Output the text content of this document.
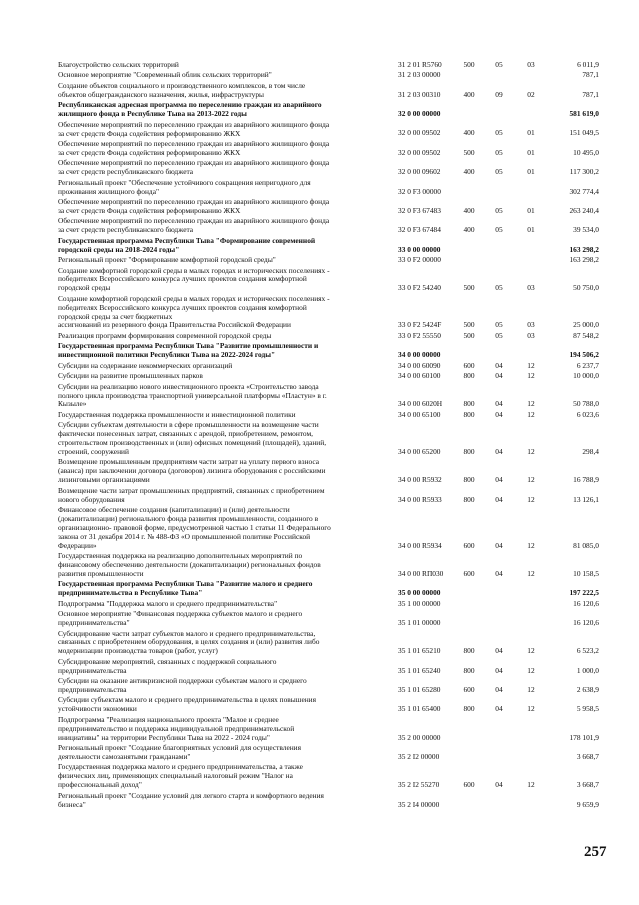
Благоустройство сельских территорий	31 2 01 R5760	500	05	03	6 011,9
Основное мероприятие "Современный облик сельских территорий"	31 2 03 00000	787,1
Создание объектов социального и производственного комплексов, в том числе
объектов общегражданского назначения, жилья, инфраструктуры	31 2 03 00310	400	09	02	787,1
Республиканская адресная программа по переселению граждан из аварийного
жилищного фонда в Республике Тыва на 2013-2022 годы	32 0 00 00000	581 619,0
Обеспечение мероприятий по переселению граждан из аварийного жилищного фонда
за счет средств Фонда содействия реформированию ЖКХ	32 0 00 09502	400	05	01	151 049,5
Обеспечение мероприятий по переселению граждан из аварийного жилищного фонда
за счет средств Фонда содействия реформированию ЖКХ	32 0 00 09502	500	05	01	10 495,0
Обеспечение мероприятий по переселению граждан из аварийного жилищного фонда
за счет средств республиканского бюджета	32 0 00 09602	400	05	01	117 300,2
Региональный проект "Обеспечение устойчивого сокращения непригодного для
проживания жилищного фонда"	32 0 F3 00000	302 774,4
Обеспечение мероприятий по переселению граждан из аварийного жилищного фонда
за счет средств Фонда содействия реформированию ЖКХ	32 0 F3 67483	400	05	01	263 240,4
Обеспечение мероприятий по переселению граждан из аварийного жилищного фонда
за счет средств республиканского бюджета	32 0 F3 67484	400	05	01	39 534,0
Государственная программа Республики Тыва "Формирование современной
городской среды на 2018-2024 годы"	33 0 00 00000	163 298,2
Региональный проект "Формирование комфортной городской среды"	33 0 F2 00000	163 298,2
Создание комфортной городской среды в малых городах и исторических поселениях -
победителях Всероссийского конкурса лучших проектов создания комфортной
городской среды	33 0 F2 54240	500	05	03	50 750,0
Создание комфортной городской среды в малых городах и исторических поселениях -
победителях Всероссийского конкурса лучших проектов создания комфортной
городской среды за счет бюджетных
ассигнований из резервного фонда Правительства Российской Федерации	33 0 F2 5424F	500	05	03	25 000,0
Реализация программ формирования современной городской среды	33 0 F2 55550	500	05	03	87 548,2
Государственная программа Республики Тыва "Развитие промышленности и
инвестиционной политики Республики Тыва на 2022-2024 годы"	34 0 00 00000	194 506,2
Субсидии на содержание некоммерческих организаций	34 0 00 60090	600	04	12	6 237,7
Субсидии на развитие промышленных парков	34 0 00 60100	800	04	12	10 000,0
Субсидии на реализацию нового инвестиционного проекта «Строительство завода
полного цикла производства транспортной универсальной платформы «Пластун» в г.
Кызыле»	34 0 00 6020Н	800	04	12	50 788,0
Государственная поддержка промышленности и инвестиционной политики	34 0 00 65100	800	04	12	6 023,6
Субсидии субъектам деятельности в сфере промышленности на возмещение части
фактически понесенных затрат, связанных с арендой, приобретением, ремонтом,
строительством производственных и (или) офисных помещений (площадей), зданий,
строений, сооружений	34 0 00 65200	800	04	12	298,4
Возмещение промышленным предприятиям части затрат на уплату первого взноса
(аванса) при заключении договора (договоров) лизинга оборудования с российскими
лизинговыми организациями	34 0 00 R5932	800	04	12	16 788,9
Возмещение части затрат промышленных предприятий, связанных с приобретением
нового оборудования	34 0 00 R5933	800	04	12	13 126,1
Финансовое обеспечение создания (капитализации) и (или) деятельности
(докапитализации) регионального фонда развития промышленности, созданного в
организационно- правовой форме, предусмотренной частью 1 статьи 11 Федерального
закона от 31 декабря 2014 г. № 488-ФЗ «О промышленной политике Российской
Федерации»	34 0 00 R5934	600	04	12	81 085,0
Государственная поддержка на реализацию дополнительных мероприятий по
финансовому обеспечению деятельности (докапитализации) региональных фондов
развития промышленности	34 0 00 RП030	600	04	12	10 158,5
Государственная программа Республики Тыва "Развитие малого и среднего
предпринимательства в Республике Тыва"	35 0 00 00000	197 222,5
Подпрограмма "Поддержка малого и среднего предпринимательства"	35 1 00 00000	16 120,6
Основное мероприятие "Финансовая поддержка субъектов малого и среднего
предпринимательства"	35 1 01 00000	16 120,6
Субсидирование части затрат субъектов малого и среднего предпринимательства,
связанных с приобретением оборудования, в целях создания и (или) развития либо
модернизации производства товаров (работ, услуг)	35 1 01 65210	800	04	12	6 523,2
Субсидирование мероприятий, связанных с поддержкой социального
предпринимательства	35 1 01 65240	800	04	12	1 000,0
Субсидии на оказание антикризисной поддержки субъектам малого и среднего
предпринимательства	35 1 01 65280	600	04	12	2 638,9
Субсидии субъектам малого и среднего предпринимательства в целях повышения
устойчивости экономики	35 1 01 65400	800	04	12	5 958,5
Подпрограмма "Реализация национального проекта "Малое и среднее
предпринимательство и поддержка индивидуальной предпринимательской
инициативы" на территории Республики Тыва на 2022 - 2024 годы"	35 2 00 00000	178 101,9
Региональный проект "Создание благоприятных условий для осуществления
деятельности самозанятыми гражданами"	35 2 I2 00000	3 668,7
Государственная поддержка малого и среднего предпринимательства, а также
физических лиц, применяющих специальный налоговый режим "Налог на
профессиональный доход"	35 2 I2 55270	600	04	12	3 668,7
Региональный проект "Создание условий для легкого старта и комфортного ведения
бизнеса"	35 2 I4 00000	9 659,9
257
